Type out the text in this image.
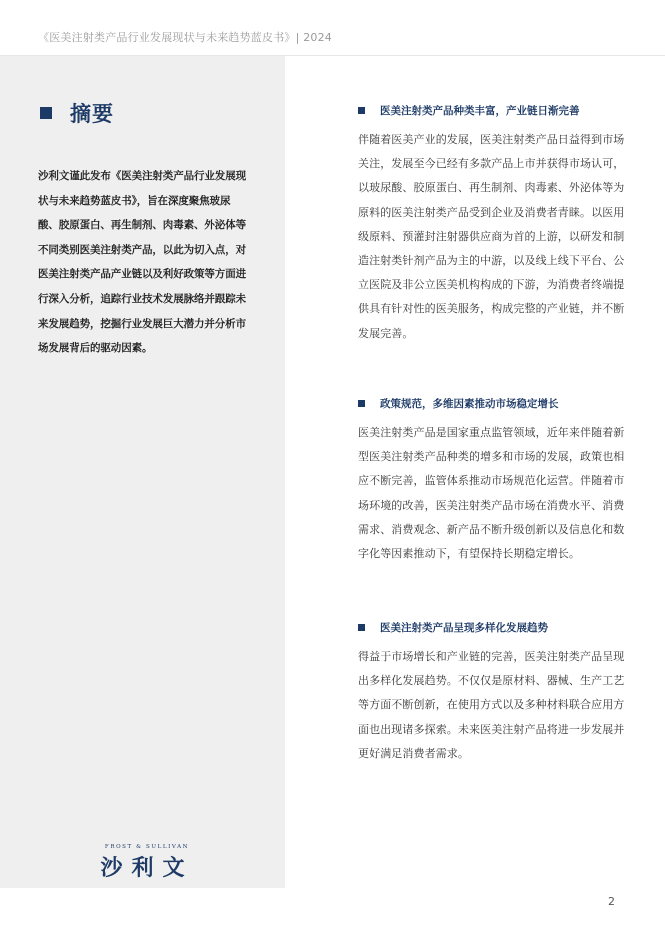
《医美注射类产品行业发展现状与未来趋势蓝皮书》| 2024
摘要
沙利文谨此发布《医美注射类产品行业发展现状与未来趋势蓝皮书》，旨在深度聚焦玻尿酸、胶原蛋白、再生制剂、肉毒素、外泌体等不同类别医美注射类产品，以此为切入点，对医美注射类产品产业链以及利好政策等方面进行深入分析，追踪行业技术发展脉络并跟踪未来发展趋势，挖掘行业发展巨大潜力并分析市场发展背后的驱动因素。
FROST & SULLIVAN
沙利文
医美注射类产品种类丰富，产业链日渐完善
伴随着医美产业的发展，医美注射类产品日益得到市场关注，发展至今已经有多款产品上市并获得市场认可，以玻尿酸、胶原蛋白、再生制剂、肉毒素、外泌体等为原料的医美注射类产品受到企业及消费者青睐。以医用级原料、预灌封注射器供应商为首的上游，以研发和制造注射类针剂产品为主的中游，以及线上线下平台、公立医院及非公立医美机构构成的下游，为消费者终端提供具有针对性的医美服务，构成完整的产业链，并不断发展完善。
政策规范，多维因素推动市场稳定增长
医美注射类产品是国家重点监管领域，近年来伴随着新型医美注射类产品种类的增多和市场的发展，政策也相应不断完善，监管体系推动市场规范化运营。伴随着市场环境的改善，医美注射类产品市场在消费水平、消费需求、消费观念、新产品不断升级创新以及信息化和数字化等因素推动下，有望保持长期稳定增长。
医美注射类产品呈现多样化发展趋势
得益于市场增长和产业链的完善，医美注射类产品呈现出多样化发展趋势。不仅仅是原材料、器械、生产工艺等方面不断创新，在使用方式以及多种材料联合应用方面也出现诸多探索。未来医美注射产品将进一步发展并更好满足消费者需求。
2
